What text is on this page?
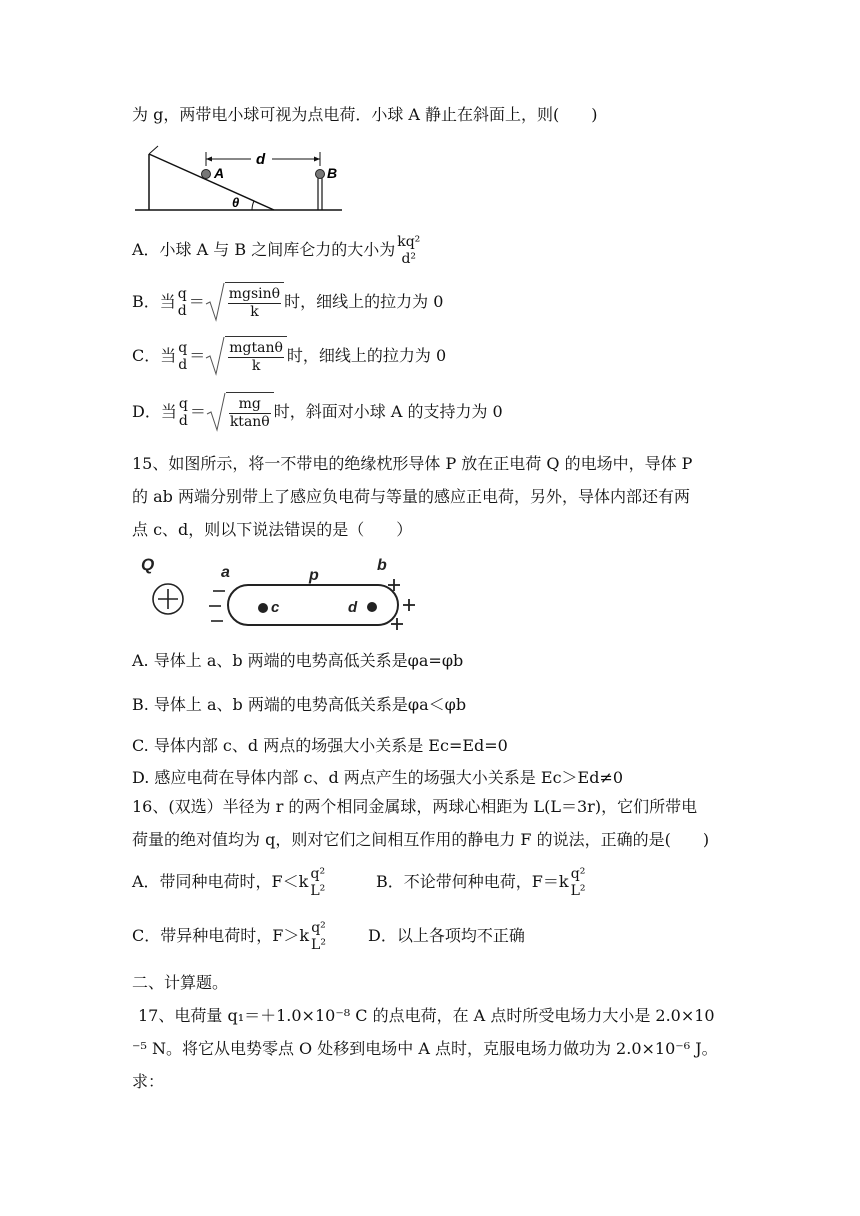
为 g，两带电小球可视为点电荷．小球 A 静止在斜面上，则(　　)
d
A	B
θ
A．小球 A 与 B 之间库仑力的大小为 kq²
d²
B．当 q
$d = \frac{mgsin\theta}{k}$ 时，细线上的拉力为 0
C．当 q
$d = \frac{mgtan\theta}{k}$ 时，细线上的拉力为 0
D．当 q
$d = \frac{mg}{ktan\theta}$ 时，斜面对小球 A 的支持力为 0
15、如图所示，将一不带电的绝缘枕形导体 P 放在正电荷 Q 的电场中，导体 P
的 ab 两端分别带上了感应负电荷与等量的感应正电荷，另外，导体内部还有两
点 c、d，则以下说法错误的是（　　）
Q	a	p
b
c	d
A. 导体上 a、b 两端的电势高低关系是φa=φb
B. 导体上 a、b 两端的电势高低关系是φa＜φb
C. 导体内部 c、d 两点的场强大小关系是 Ec=Ed=0
D. 感应电荷在导体内部 c、d 两点产生的场强大小关系是 Ec＞Ed≠0
16、(双选）半径为 r 的两个相同金属球，两球心相距为 L(L＝3r)，它们所带电
荷量的绝对值均为 q，则对它们之间相互作用的静电力 F 的说法，正确的是(　　)
A．带同种电荷时，F＜k q²
L²	B．不论带何种电荷，F＝k q²
L²
C．带异种电荷时，F＞k q²
L²	D．以上各项均不正确
二、计算题。
17、电荷量 q₁＝＋1.0×10⁻⁸ C 的点电荷，在 A 点时所受电场力大小是 2.0×10
⁻⁵ N。将它从电势零点 O 处移到电场中 A 点时，克服电场力做功为 2.0×10⁻⁶ J。
求：
